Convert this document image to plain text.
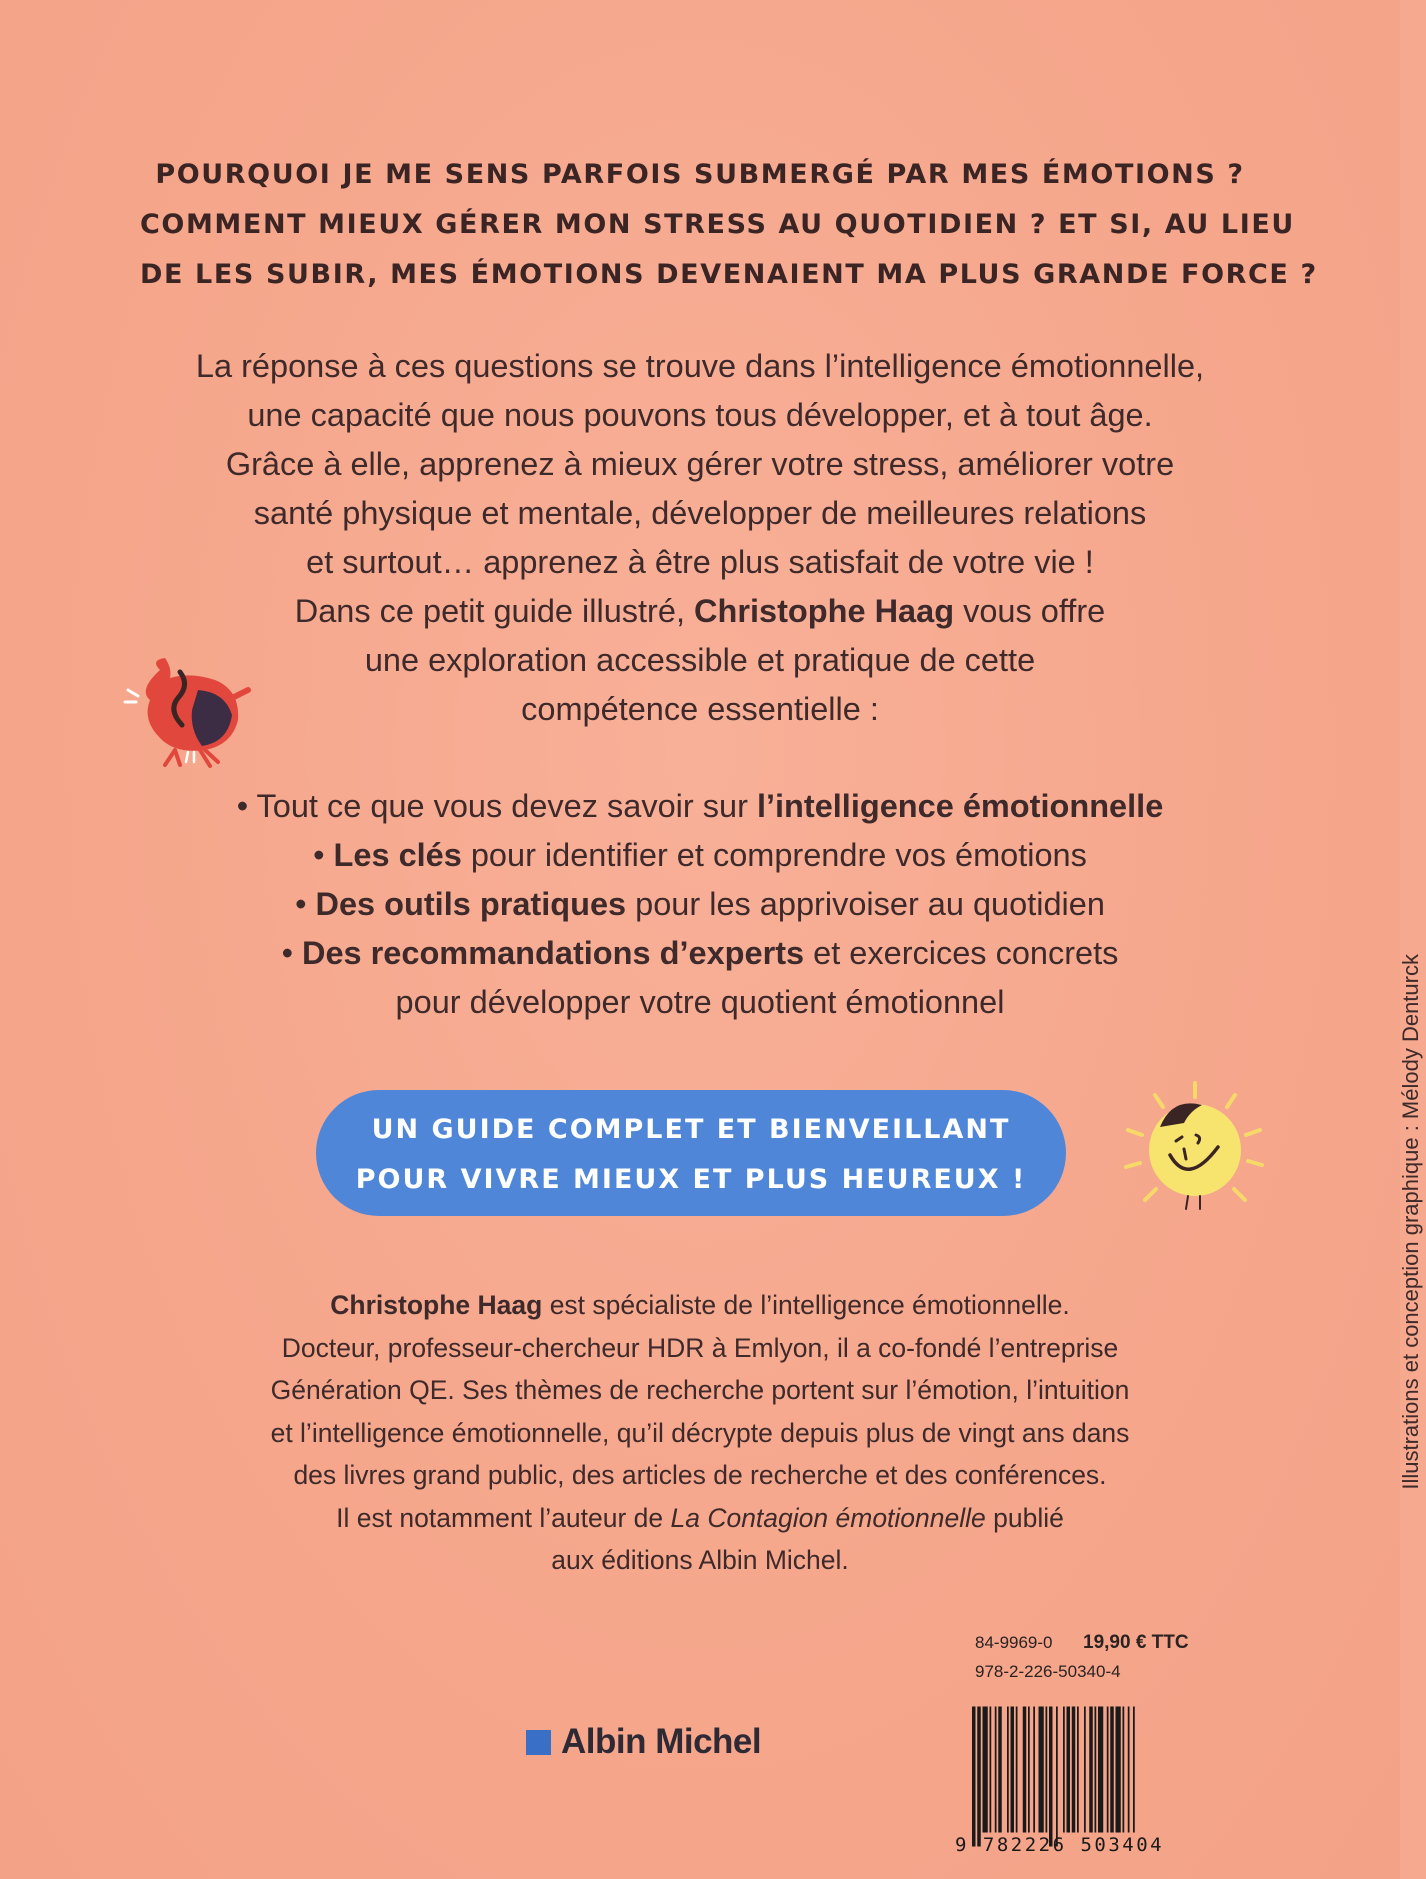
POURQUOI JE ME SENS PARFOIS SUBMERGÉ PAR MES ÉMOTIONS ?
COMMENT MIEUX GÉRER MON STRESS AU QUOTIDIEN ? ET SI, AU LIEU
DE LES SUBIR, MES ÉMOTIONS DEVENAIENT MA PLUS GRANDE FORCE ?
La réponse à ces questions se trouve dans l’intelligence émotionnelle,
une capacité que nous pouvons tous développer, et à tout âge.
Grâce à elle, apprenez à mieux gérer votre stress, améliorer votre
santé physique et mentale, développer de meilleures relations
et surtout… apprenez à être plus satisfait de votre vie !
Dans ce petit guide illustré, Christophe Haag vous offre
une exploration accessible et pratique de cette
compétence essentielle :
• Tout ce que vous devez savoir sur l’intelligence émotionnelle
• Les clés pour identifier et comprendre vos émotions
• Des outils pratiques pour les apprivoiser au quotidien
• Des recommandations d’experts et exercices concrets
pour développer votre quotient émotionnel
UN GUIDE COMPLET ET BIENVEILLANT
POUR VIVRE MIEUX ET PLUS HEUREUX !
Christophe Haag est spécialiste de l’intelligence émotionnelle.
Docteur, professeur-chercheur HDR à Emlyon, il a co-fondé l’entreprise
Génération QE. Ses thèmes de recherche portent sur l’émotion, l’intuition
et l’intelligence émotionnelle, qu’il décrypte depuis plus de vingt ans dans
des livres grand public, des articles de recherche et des conférences.
Il est notamment l’auteur de La Contagion émotionnelle publié
aux éditions Albin Michel.
Illustrations et conception graphique : Mélody Denturck
Albin Michel
84-9969-0	19,90 € TTC
978-2-226-50340-4
9 782226 503404
